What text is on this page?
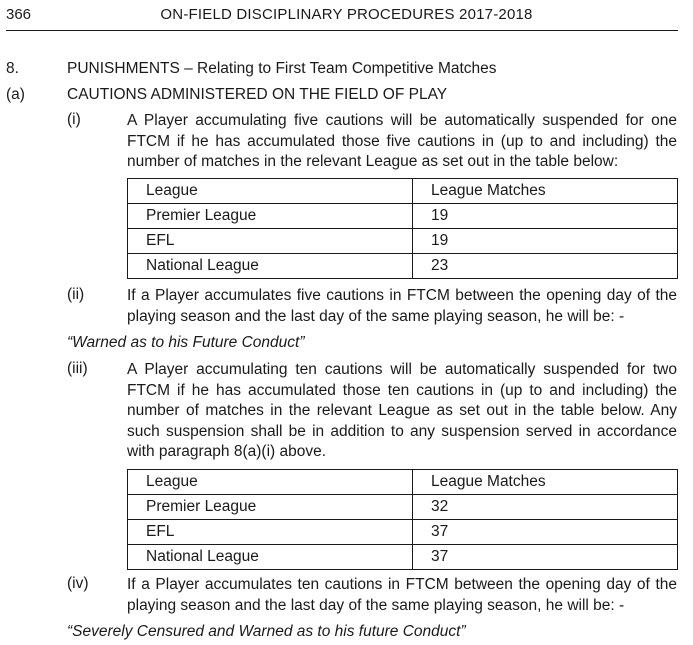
366	ON-FIELD DISCIPLINARY PROCEDURES 2017-2018
8.	PUNISHMENTS – Relating to First Team Competitive Matches
(a)	CAUTIONS ADMINISTERED ON THE FIELD OF PLAY
(i)	A Player accumulating five cautions will be automatically suspended for one FTCM if he has accumulated those five cautions in (up to and including) the number of matches in the relevant League as set out in the table below:
League	League Matches
Premier League	19
EFL	19
National League	23
(ii)	If a Player accumulates five cautions in FTCM between the opening day of the playing season and the last day of the same playing season, he will be: -
“Warned as to his Future Conduct”
(iii)	A Player accumulating ten cautions will be automatically suspended for two FTCM if he has accumulated those ten cautions in (up to and including) the number of matches in the relevant League as set out in the table below. Any such suspension shall be in addition to any suspension served in accordance with paragraph 8(a)(i) above.
League	League Matches
Premier League	32
EFL	37
National League	37
(iv) If a Player accumulates ten cautions in FTCM between the opening day of the playing season and the last day of the same playing season, he will be: -
“Severely Censured and Warned as to his future Conduct”
